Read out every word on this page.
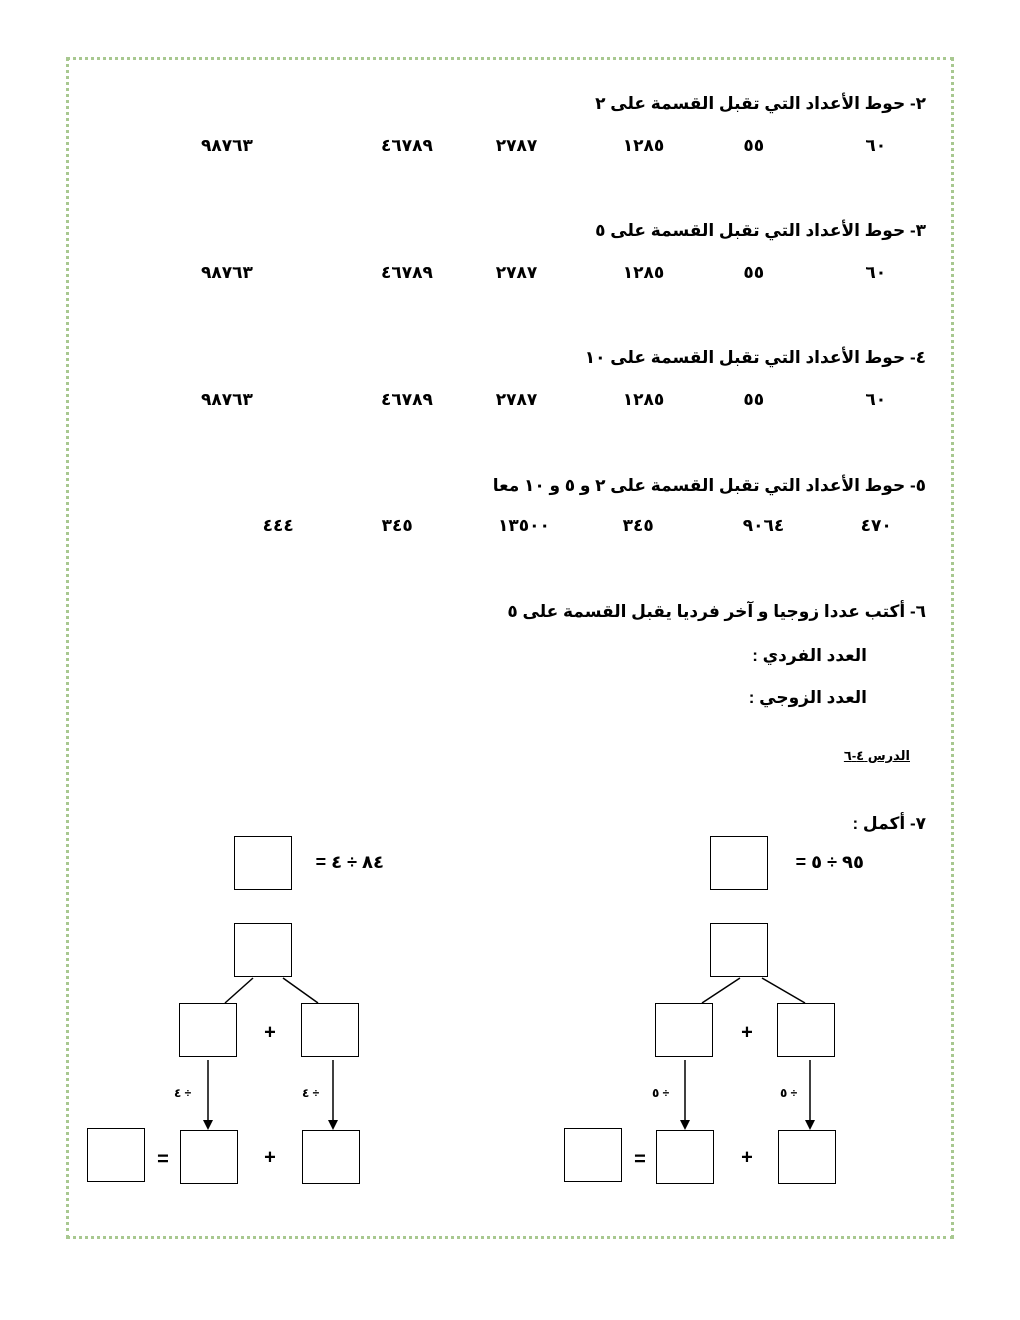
٢- حوط الأعداد التي تقبل القسمة على ٢
٦٠
٥٥
١٢٨٥
٢٧٨٧
٤٦٧٨٩
٩٨٧٦٣
٣- حوط الأعداد التي تقبل القسمة على ٥
٦٠
٥٥
١٢٨٥
٢٧٨٧
٤٦٧٨٩
٩٨٧٦٣
٤- حوط الأعداد التي تقبل القسمة على ١٠
٦٠
٥٥
١٢٨٥
٢٧٨٧
٤٦٧٨٩
٩٨٧٦٣
٥- حوط الأعداد التي تقبل القسمة على ٢ و ٥ و ١٠ معا
٤٧٠
٩٠٦٤
٣٤٥
١٣٥٠٠
٣٤٥
٤٤٤
٦- أكتب عددا زوجيا و آخر فرديا يقبل القسمة على ٥
العدد الفردي :
العدد الزوجي :
الدرس ٤-٦
٧- أكمل :
٩٥ ÷ ٥ =
+
÷ ٥	÷ ٥
=	+
٨٤ ÷ ٤ =
+
÷ ٤	÷ ٤
=	+
